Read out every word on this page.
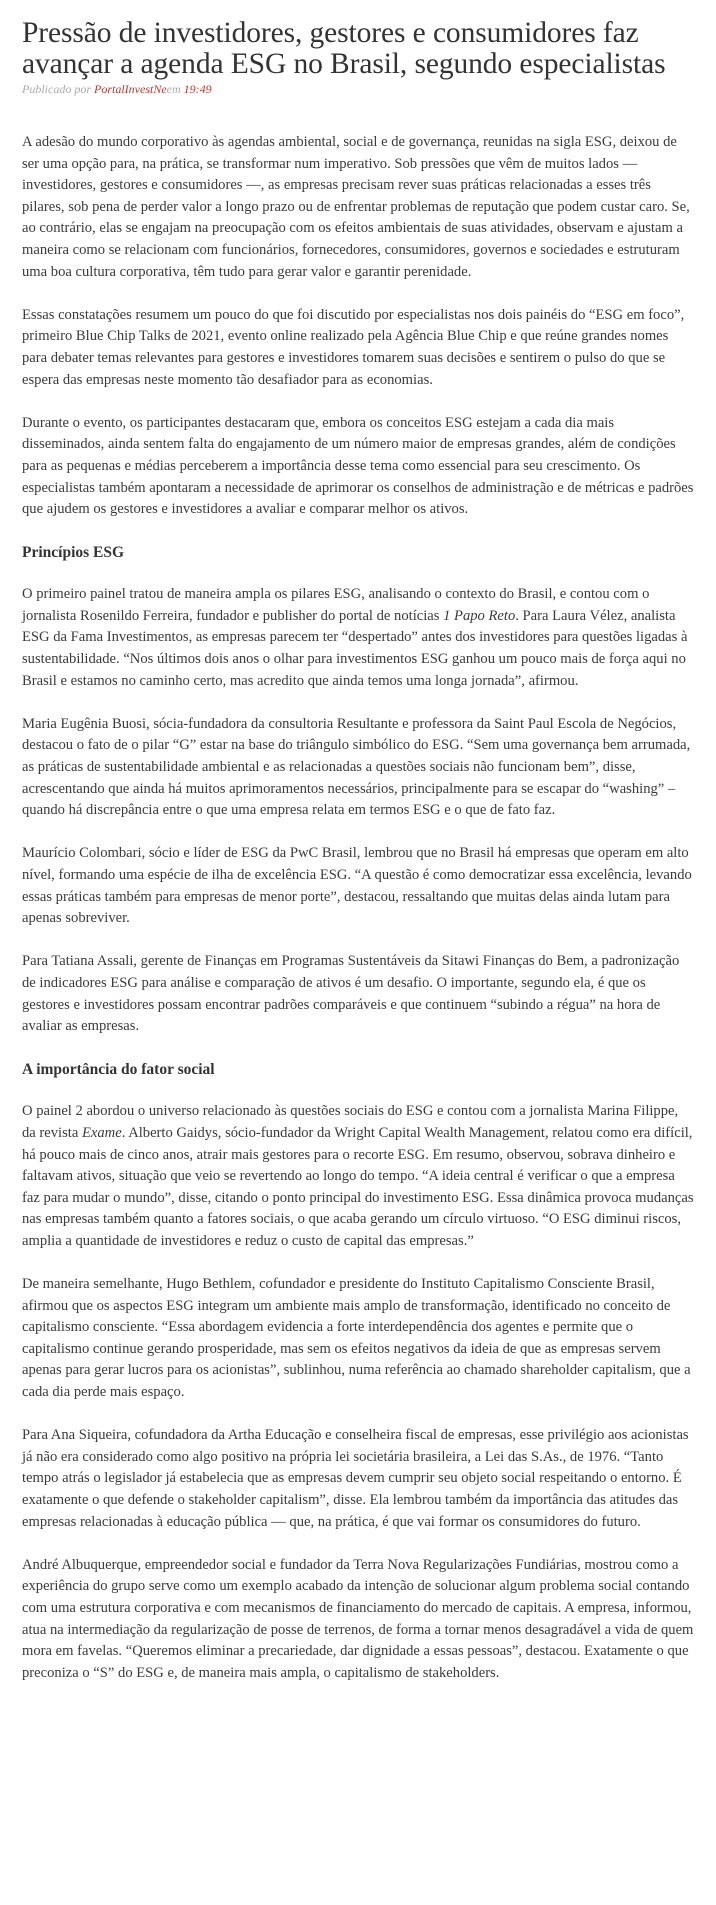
Pressão de investidores, gestores e consumidores faz avançar a agenda ESG no Brasil, segundo especialistas
Publicado por PortalInvestNeem 19:49

A adesão do mundo corporativo às agendas ambiental, social e de governança, reunidas na sigla ESG, deixou de ser uma opção para, na prática, se transformar num imperativo. Sob pressões que vêm de muitos lados — investidores, gestores e consumidores —, as empresas precisam rever suas práticas relacionadas a esses três pilares, sob pena de perder valor a longo prazo ou de enfrentar problemas de reputação que podem custar caro. Se, ao contrário, elas se engajam na preocupação com os efeitos ambientais de suas atividades, observam e ajustam a maneira como se relacionam com funcionários, fornecedores, consumidores, governos e sociedades e estruturam uma boa cultura corporativa, têm tudo para gerar valor e garantir perenidade.

Essas constatações resumem um pouco do que foi discutido por especialistas nos dois painéis do “ESG em foco”, primeiro Blue Chip Talks de 2021, evento online realizado pela Agência Blue Chip e que reúne grandes nomes para debater temas relevantes para gestores e investidores tomarem suas decisões e sentirem o pulso do que se espera das empresas neste momento tão desafiador para as economias.

Durante o evento, os participantes destacaram que, embora os conceitos ESG estejam a cada dia mais disseminados, ainda sentem falta do engajamento de um número maior de empresas grandes, além de condições para as pequenas e médias perceberem a importância desse tema como essencial para seu crescimento. Os especialistas também apontaram a necessidade de aprimorar os conselhos de administração e de métricas e padrões que ajudem os gestores e investidores a avaliar e comparar melhor os ativos.

Princípios ESG

O primeiro painel tratou de maneira ampla os pilares ESG, analisando o contexto do Brasil, e contou com o jornalista Rosenildo Ferreira, fundador e publisher do portal de notícias 1 Papo Reto. Para Laura Vélez, analista ESG da Fama Investimentos, as empresas parecem ter “despertado” antes dos investidores para questões ligadas à sustentabilidade. “Nos últimos dois anos o olhar para investimentos ESG ganhou um pouco mais de força aqui no Brasil e estamos no caminho certo, mas acredito que ainda temos uma longa jornada”, afirmou.

Maria Eugênia Buosi, sócia-fundadora da consultoria Resultante e professora da Saint Paul Escola de Negócios, destacou o fato de o pilar “G” estar na base do triângulo simbólico do ESG. “Sem uma governança bem arrumada, as práticas de sustentabilidade ambiental e as relacionadas a questões sociais não funcionam bem”, disse, acrescentando que ainda há muitos aprimoramentos necessários, principalmente para se escapar do “washing” – quando há discrepância entre o que uma empresa relata em termos ESG e o que de fato faz.

Maurício Colombari, sócio e líder de ESG da PwC Brasil, lembrou que no Brasil há empresas que operam em alto nível, formando uma espécie de ilha de excelência ESG. “A questão é como democratizar essa excelência, levando essas práticas também para empresas de menor porte”, destacou, ressaltando que muitas delas ainda lutam para apenas sobreviver.

Para Tatiana Assali, gerente de Finanças em Programas Sustentáveis da Sitawi Finanças do Bem, a padronização de indicadores ESG para análise e comparação de ativos é um desafio. O importante, segundo ela, é que os gestores e investidores possam encontrar padrões comparáveis e que continuem “subindo a régua” na hora de avaliar as empresas.

A importância do fator social

O painel 2 abordou o universo relacionado às questões sociais do ESG e contou com a jornalista Marina Filippe, da revista Exame. Alberto Gaidys, sócio-fundador da Wright Capital Wealth Management, relatou como era difícil, há pouco mais de cinco anos, atrair mais gestores para o recorte ESG. Em resumo, observou, sobrava dinheiro e faltavam ativos, situação que veio se revertendo ao longo do tempo. “A ideia central é verificar o que a empresa faz para mudar o mundo”, disse, citando o ponto principal do investimento ESG. Essa dinâmica provoca mudanças nas empresas também quanto a fatores sociais, o que acaba gerando um círculo virtuoso. “O ESG diminui riscos, amplia a quantidade de investidores e reduz o custo de capital das empresas.”

De maneira semelhante, Hugo Bethlem, cofundador e presidente do Instituto Capitalismo Consciente Brasil, afirmou que os aspectos ESG integram um ambiente mais amplo de transformação, identificado no conceito de capitalismo consciente. “Essa abordagem evidencia a forte interdependência dos agentes e permite que o capitalismo continue gerando prosperidade, mas sem os efeitos negativos da ideia de que as empresas servem apenas para gerar lucros para os acionistas”, sublinhou, numa referência ao chamado shareholder capitalism, que a cada dia perde mais espaço.

Para Ana Siqueira, cofundadora da Artha Educação e conselheira fiscal de empresas, esse privilégio aos acionistas já não era considerado como algo positivo na própria lei societária brasileira, a Lei das S.As., de 1976. “Tanto tempo atrás o legislador já estabelecia que as empresas devem cumprir seu objeto social respeitando o entorno. É exatamente o que defende o stakeholder capitalism”, disse. Ela lembrou também da importância das atitudes das empresas relacionadas à educação pública — que, na prática, é que vai formar os consumidores do futuro.

André Albuquerque, empreendedor social e fundador da Terra Nova Regularizações Fundiárias, mostrou como a experiência do grupo serve como um exemplo acabado da intenção de solucionar algum problema social contando com uma estrutura corporativa e com mecanismos de financiamento do mercado de capitais. A empresa, informou, atua na intermediação da regularização de posse de terrenos, de forma a tornar menos desagradável a vida de quem mora em favelas. “Queremos eliminar a precariedade, dar dignidade a essas pessoas”, destacou. Exatamente o que preconiza o “S” do ESG e, de maneira mais ampla, o capitalismo de stakeholders.
